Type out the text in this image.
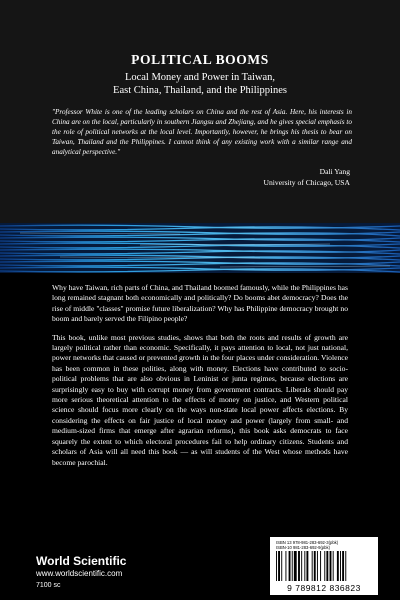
POLITICAL BOOMS
Local Money and Power in Taiwan,
East China, Thailand, and the Philippines
"Professor White is one of the leading scholars on China and the rest of Asia. Here, his interests in China are on the local, particularly in southern Jiangsu and Zhejiang, and he gives special emphasis to the role of political networks at the local level. Importantly, however, he brings his thesis to bear on Taiwan, Thailand and the Philippines. I cannot think of any existing work with a similar range and analytical perspective."
Dali Yang
University of Chicago, USA

Why have Taiwan, rich parts of China, and Thailand boomed famously, while the Philippines has long remained stagnant both economically and politically? Do booms abet democracy? Does the rise of middle "classes" promise future liberalization? Why has Philippine democracy brought no boom and barely served the Filipino people?

This book, unlike most previous studies, shows that both the roots and results of growth are largely political rather than economic. Specifically, it pays attention to local, not just national, power networks that caused or prevented growth in the four places under consideration. Violence has been common in these polities, along with money. Elections have contributed to socio-political problems that are also obvious in Leninist or junta regimes, because elections are surprisingly easy to buy with corrupt money from government contracts. Liberals should pay more serious theoretical attention to the effects of money on justice, and Western political science should focus more clearly on the ways non-state local power affects elections. By considering the effects on fair justice of local money and power (largely from small- and medium-sized firms that emerge after agrarian reforms), this book asks democrats to face squarely the extent to which electoral procedures fail to help ordinary citizens. Students and scholars of Asia will all need this book — as will students of the West whose methods have become parochial.

World Scientific
www.worldscientific.com
7100 sc
ISBN 13 978-981-283-692-3(pbk)
ISBN-10 981-283-692-9(pbk)
9 789812 836823
